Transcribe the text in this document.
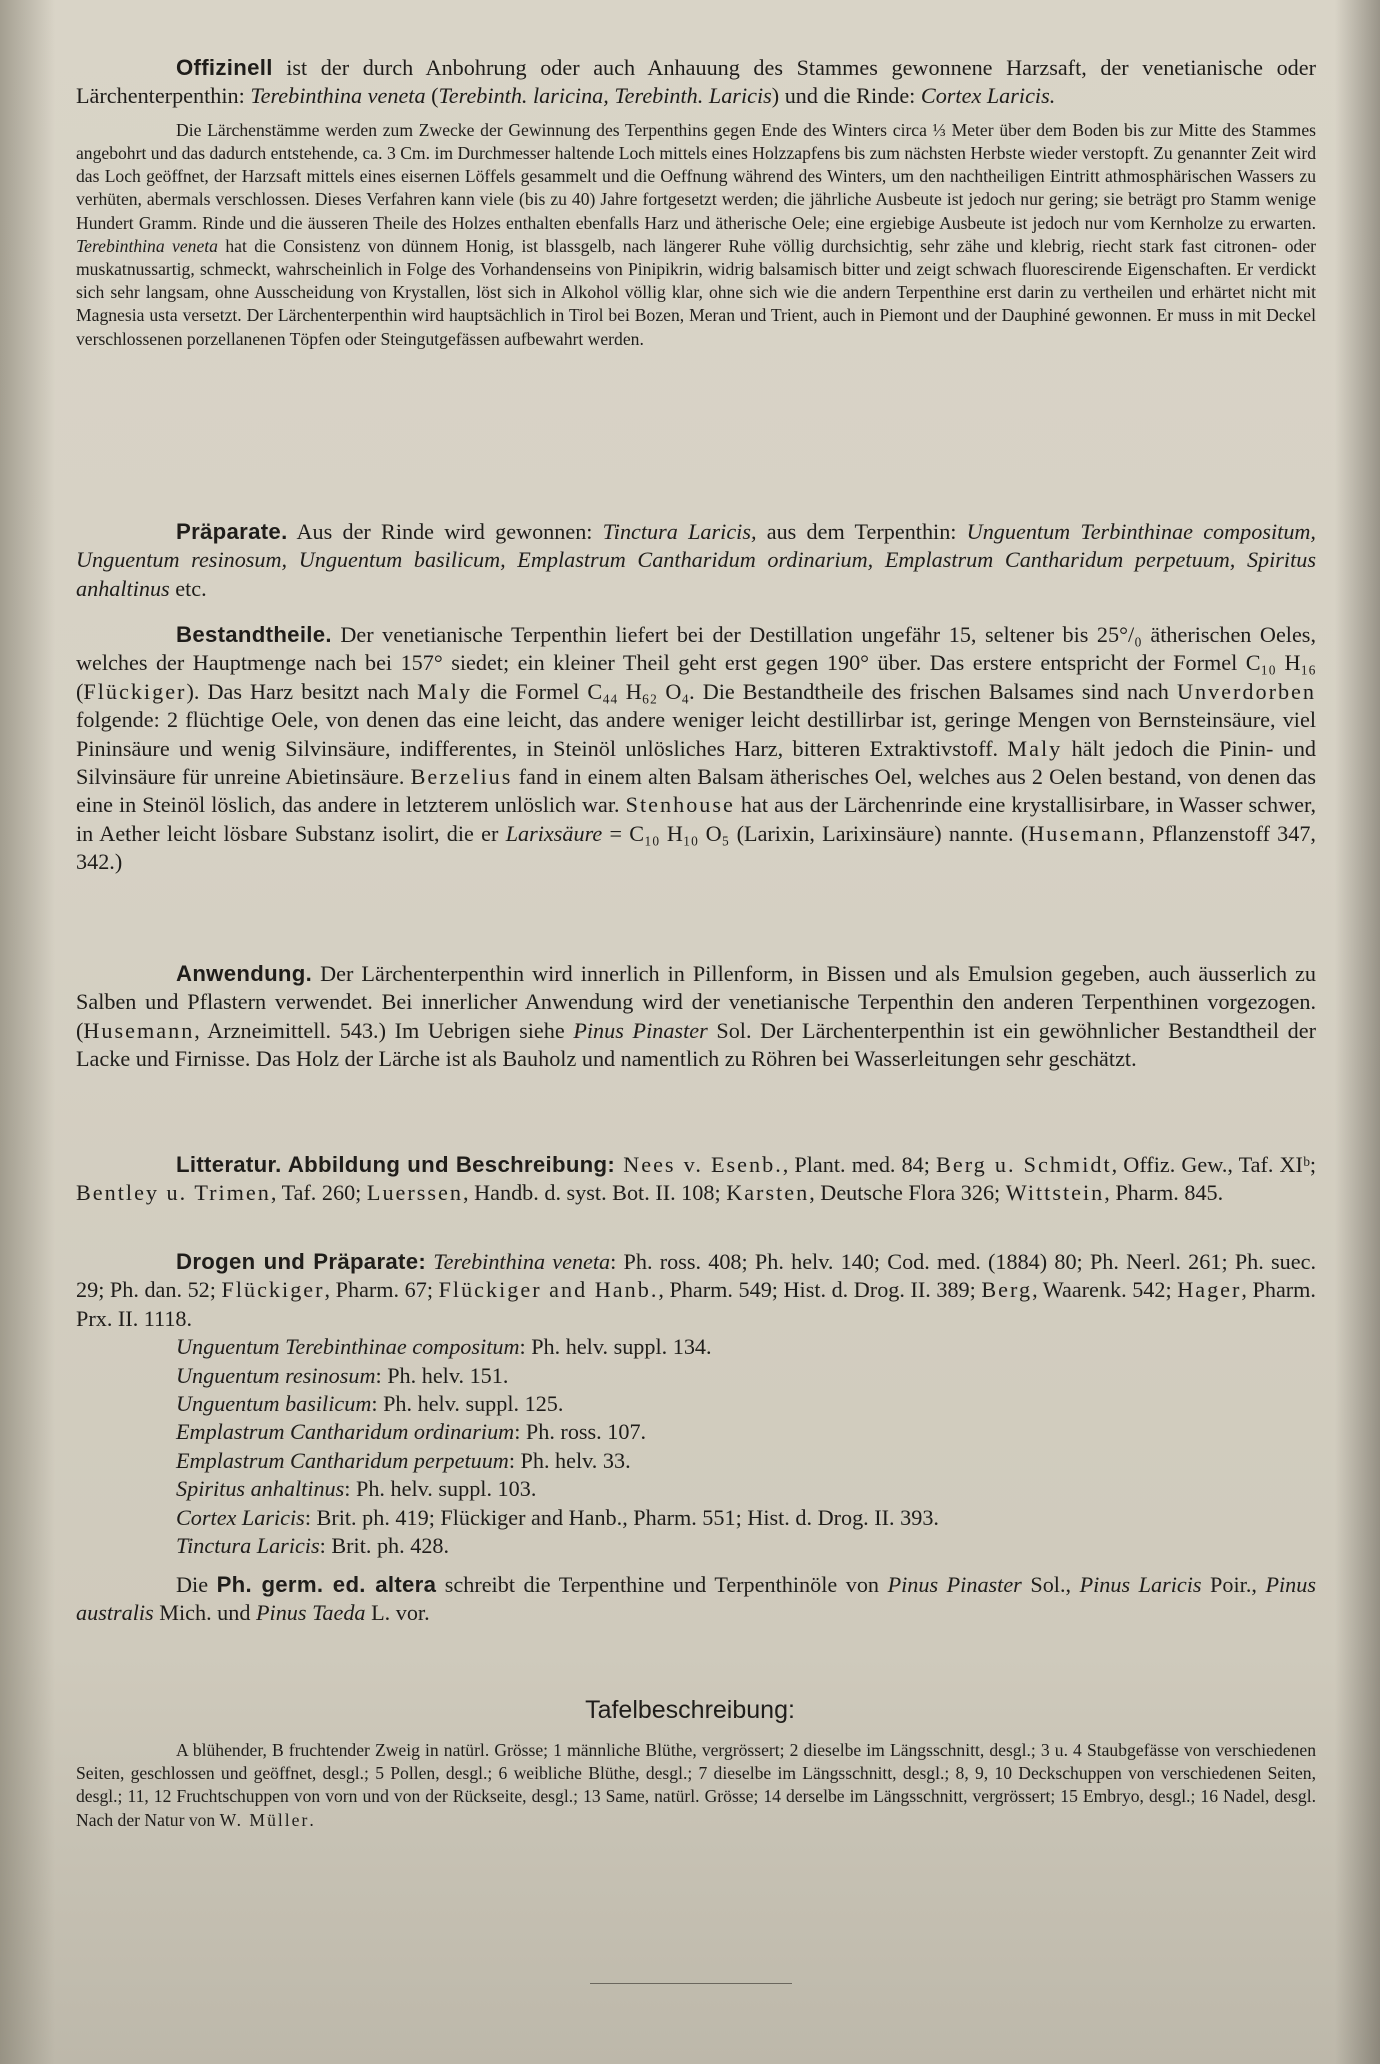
Offizinell ist der durch Anbohrung oder auch Anhauung des Stammes gewonnene Harzsaft, der venetianische oder Lärchenterpenthin: Terebinthina veneta (Terebinth. laricina, Terebinth. Laricis) und die Rinde: Cortex Laricis.

Die Lärchenstämme werden zum Zwecke der Gewinnung des Terpenthins gegen Ende des Winters circa ⅓ Meter über dem Boden bis zur Mitte des Stammes angebohrt und das dadurch entstehende, ca. 3 Cm. im Durchmesser haltende Loch mittels eines Holzzapfens bis zum nächsten Herbste wieder verstopft. Zu genannter Zeit wird das Loch geöffnet, der Harzsaft mittels eines eisernen Löffels gesammelt und die Oeffnung während des Winters, um den nachtheiligen Eintritt athmosphärischen Wassers zu verhüten, abermals verschlossen. Dieses Verfahren kann viele (bis zu 40) Jahre fortgesetzt werden; die jährliche Ausbeute ist jedoch nur gering; sie beträgt pro Stamm wenige Hundert Gramm. Rinde und die äusseren Theile des Holzes enthalten ebenfalls Harz und ätherische Oele; eine ergiebige Ausbeute ist jedoch nur vom Kernholze zu erwarten. Terebinthina veneta hat die Consistenz von dünnem Honig, ist blassgelb, nach längerer Ruhe völlig durchsichtig, sehr zähe und klebrig, riecht stark fast citronen- oder muskatnussartig, schmeckt, wahrscheinlich in Folge des Vorhandenseins von Pinipikrin, widrig balsamisch bitter und zeigt schwach fluorescirende Eigenschaften. Er verdickt sich sehr langsam, ohne Ausscheidung von Krystallen, löst sich in Alkohol völlig klar, ohne sich wie die andern Terpenthine erst darin zu vertheilen und erhärtet nicht mit Magnesia usta versetzt. Der Lärchenterpenthin wird hauptsächlich in Tirol bei Bozen, Meran und Trient, auch in Piemont und der Dauphiné gewonnen. Er muss in mit Deckel verschlossenen porzellanenen Töpfen oder Steingutgefässen aufbewahrt werden.

Präparate. Aus der Rinde wird gewonnen: Tinctura Laricis, aus dem Terpenthin: Unguentum Terbinthinae compositum, Unguentum resinosum, Unguentum basilicum, Emplastrum Cantharidum ordinarium, Emplastrum Cantharidum perpetuum, Spiritus anhaltinus etc.

Bestandtheile. Der venetianische Terpenthin liefert bei der Destillation ungefähr 15, seltener bis 25°/₀ ätherischen Oeles, welches der Hauptmenge nach bei 157° siedet; ein kleiner Theil geht erst gegen 190° über. Das erstere entspricht der Formel C₁₀ H₁₆ (Flückiger). Das Harz besitzt nach Maly die Formel C₄₄ H₆₂ O₄. Die Bestandtheile des frischen Balsames sind nach Unverdorben folgende: 2 flüchtige Oele, von denen das eine leicht, das andere weniger leicht destillirbar ist, geringe Mengen von Bernsteinsäure, viel Pininsäure und wenig Silvinsäure, indifferentes, in Steinöl unlösliches Harz, bitteren Extraktivstoff. Maly hält jedoch die Pinin- und Silvinsäure für unreine Abietinsäure. Berzelius fand in einem alten Balsam ätherisches Oel, welches aus 2 Oelen bestand, von denen das eine in Steinöl löslich, das andere in letzterem unlöslich war. Stenhouse hat aus der Lärchenrinde eine krystallisirbare, in Wasser schwer, in Aether leicht lösbare Substanz isolirt, die er Larixsäure = C₁₀ H₁₀ O₅ (Larixin, Larixinsäure) nannte. (Husemann, Pflanzenstoff 347, 342.)

Anwendung. Der Lärchenterpenthin wird innerlich in Pillenform, in Bissen und als Emulsion gegeben, auch äusserlich zu Salben und Pflastern verwendet. Bei innerlicher Anwendung wird der venetianische Terpenthin den anderen Terpenthinen vorgezogen. (Husemann, Arzneimittell. 543.) Im Uebrigen siehe Pinus Pinaster Sol. Der Lärchenterpenthin ist ein gewöhnlicher Bestandtheil der Lacke und Firnisse. Das Holz der Lärche ist als Bauholz und namentlich zu Röhren bei Wasserleitungen sehr geschätzt.

Litteratur. Abbildung und Beschreibung: Nees v. Esenb., Plant. med. 84; Berg u. Schmidt, Offiz. Gew., Taf. XIᵇ; Bentley u. Trimen, Taf. 260; Luerssen, Handb. d. syst. Bot. II. 108; Karsten, Deutsche Flora 326; Wittstein, Pharm. 845.

Drogen und Präparate: Terebinthina veneta: Ph. ross. 408; Ph. helv. 140; Cod. med. (1884) 80; Ph. Neerl. 261; Ph. suec. 29; Ph. dan. 52; Flückiger, Pharm. 67; Flückiger and Hanb., Pharm. 549; Hist. d. Drog. II. 389; Berg, Waarenk. 542; Hager, Pharm. Prx. II. 1118.

Unguentum Terebinthinae compositum: Ph. helv. suppl. 134.
Unguentum resinosum: Ph. helv. 151.
Unguentum basilicum: Ph. helv. suppl. 125.
Emplastrum Cantharidum ordinarium: Ph. ross. 107.
Emplastrum Cantharidum perpetuum: Ph. helv. 33.
Spiritus anhaltinus: Ph. helv. suppl. 103.
Cortex Laricis: Brit. ph. 419; Flückiger and Hanb., Pharm. 551; Hist. d. Drog. II. 393.
Tinctura Laricis: Brit. ph. 428.

Die Ph. germ. ed. altera schreibt die Terpenthine und Terpenthinöle von Pinus Pinaster Sol., Pinus Laricis Poir., Pinus australis Mich. und Pinus Taeda L. vor.

Tafelbeschreibung:

A blühender, B fruchtender Zweig in natürl. Grösse; 1 männliche Blüthe, vergrössert; 2 dieselbe im Längsschnitt, desgl.; 3 u. 4 Staubgefässe von verschiedenen Seiten, geschlossen und geöffnet, desgl.; 5 Pollen, desgl.; 6 weibliche Blüthe, desgl.; 7 dieselbe im Längsschnitt, desgl.; 8, 9, 10 Deckschuppen von verschiedenen Seiten, desgl.; 11, 12 Fruchtschuppen von vorn und von der Rückseite, desgl.; 13 Same, natürl. Grösse; 14 derselbe im Längsschnitt, vergrössert; 15 Embryo, desgl.; 16 Nadel, desgl. Nach der Natur von W. Müller.
